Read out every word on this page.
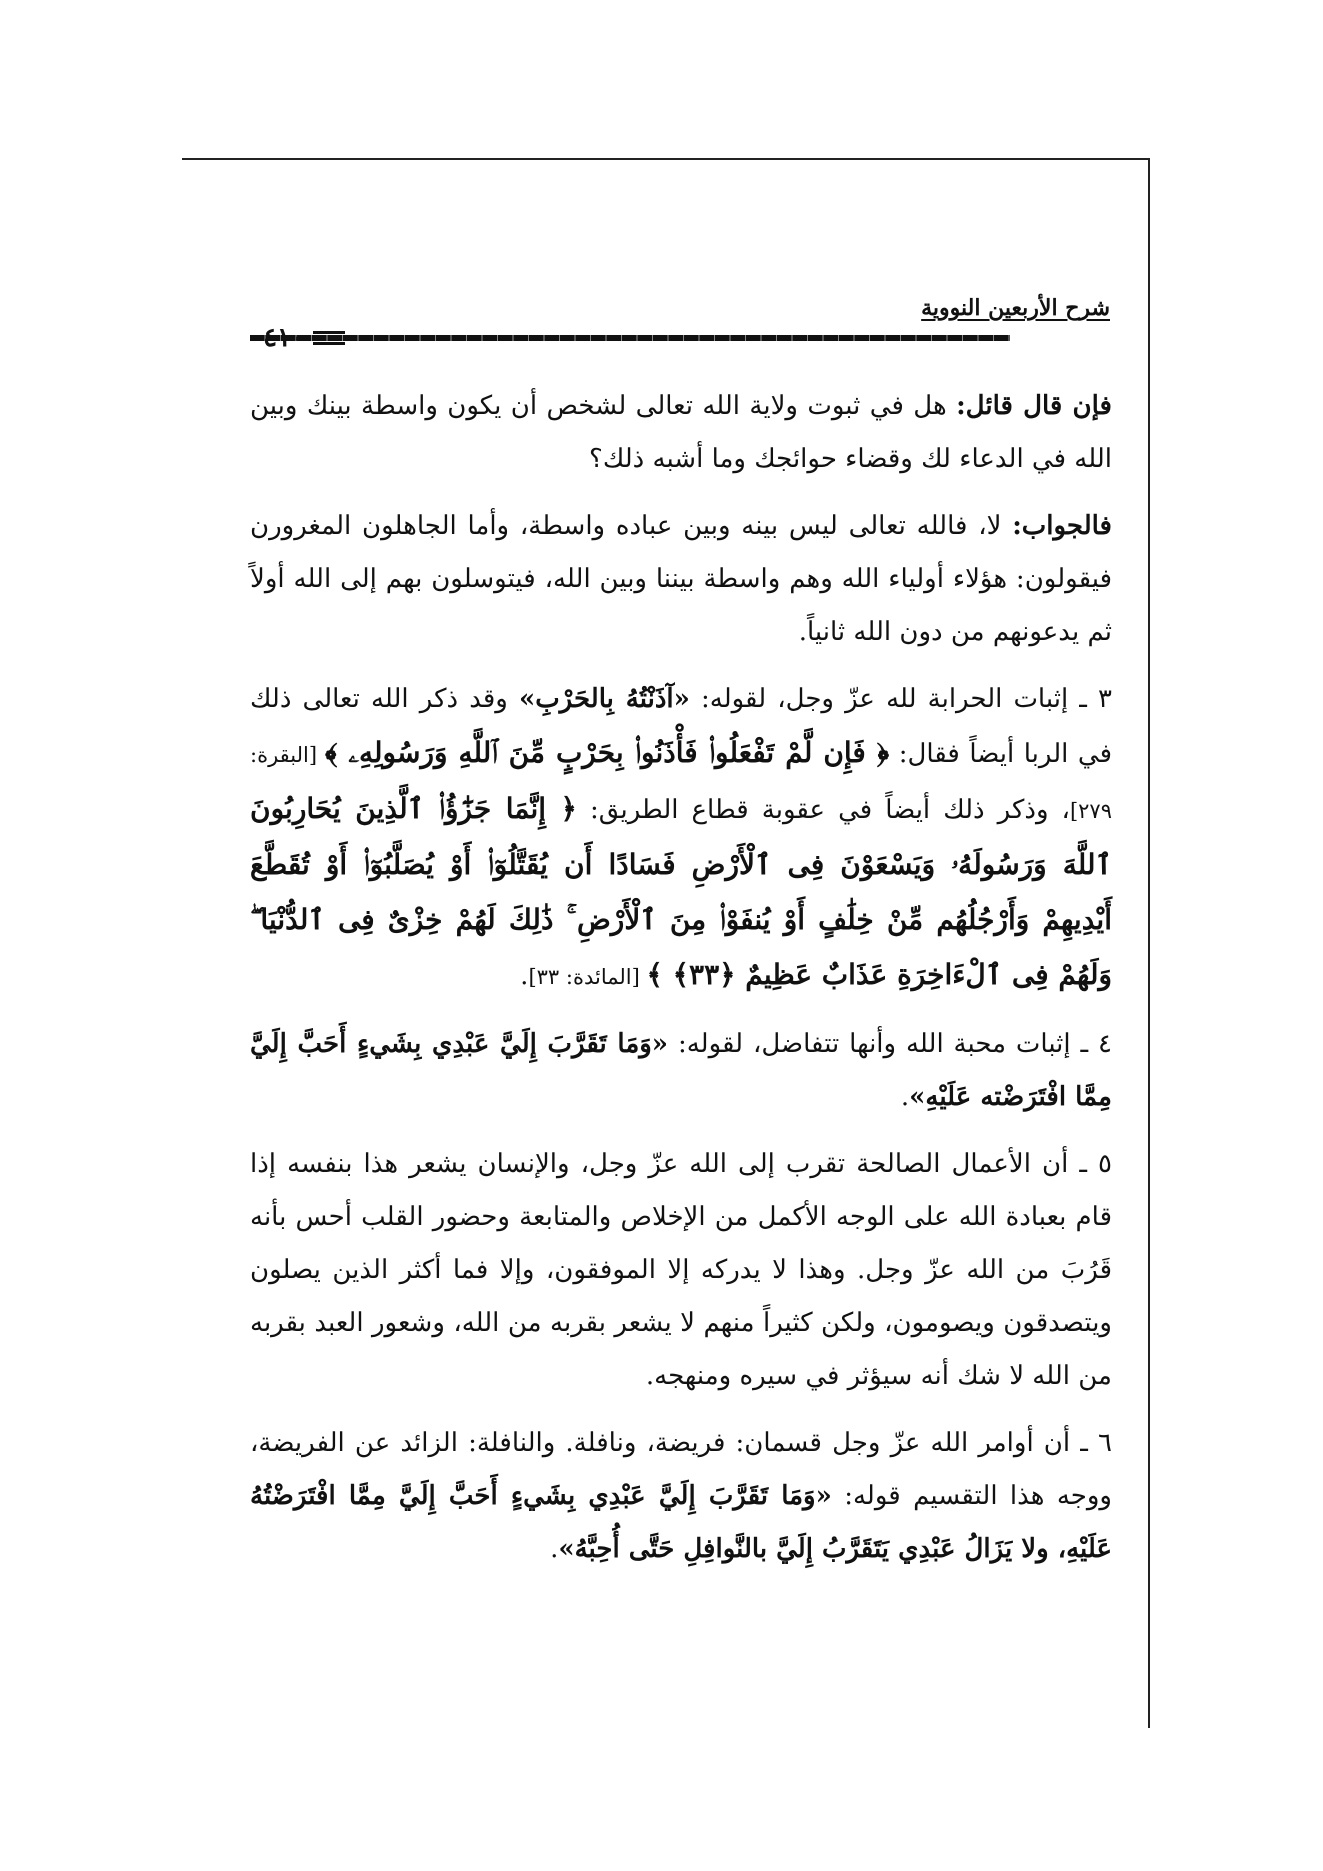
شرح الأربعين النووية
٤١٠

فإن قال قائل: هل في ثبوت ولاية الله تعالى لشخص أن يكون واسطة بينك وبين الله في الدعاء لك وقضاء حوائجك وما أشبه ذلك؟

فالجواب: لا، فالله تعالى ليس بينه وبين عباده واسطة، وأما الجاهلون المغرورن فيقولون: هؤلاء أولياء الله وهم واسطة بيننا وبين الله، فيتوسلون بهم إلى الله أولاً ثم يدعونهم من دون الله ثانياً.

٣ ـ إثبات الحرابة لله عزّ وجل، لقوله: «آذَنْتُهُ بِالحَرْبِ» وقد ذكر الله تعالى ذلك في الربا أيضاً فقال: ﴿ فَإِن لَّمْ تَفْعَلُوا۟ فَأْذَنُوا۟ بِحَرْبٍ مِّنَ ٱللَّهِ وَرَسُولِهِۦ ﴾ [البقرة: ٢٧٩]، وذكر ذلك أيضاً في عقوبة قطاع الطريق: ﴿ إِنَّمَا جَزَٰٓؤُا۟ ٱلَّذِينَ يُحَارِبُونَ ٱللَّهَ وَرَسُولَهُۥ وَيَسْعَوْنَ فِى ٱلْأَرْضِ فَسَادًا أَن يُقَتَّلُوٓا۟ أَوْ يُصَلَّبُوٓا۟ أَوْ تُقَطَّعَ أَيْدِيهِمْ وَأَرْجُلُهُم مِّنْ خِلَٰفٍ أَوْ يُنفَوْا۟ مِنَ ٱلْأَرْضِ ۚ ذَٰلِكَ لَهُمْ خِزْىٌ فِى ٱلدُّنْيَا ۖ وَلَهُمْ فِى ٱلْءَاخِرَةِ عَذَابٌ عَظِيمٌ ﴿٣٣﴾ ﴾ [المائدة: ٣٣].

٤ ـ إثبات محبة الله وأنها تتفاضل، لقوله: «وَمَا تَقَرَّبَ إِلَيَّ عَبْدِي بِشَيءٍ أَحَبَّ إِلَيَّ مِمَّا افْتَرَضْته عَلَيْهِ».

٥ ـ أن الأعمال الصالحة تقرب إلى الله عزّ وجل، والإنسان يشعر هذا بنفسه إذا قام بعبادة الله على الوجه الأكمل من الإخلاص والمتابعة وحضور القلب أحس بأنه قَرُبَ من الله عزّ وجل. وهذا لا يدركه إلا الموفقون، وإلا فما أكثر الذين يصلون ويتصدقون ويصومون، ولكن كثيراً منهم لا يشعر بقربه من الله، وشعور العبد بقربه من الله لا شك أنه سيؤثر في سيره ومنهجه.

٦ ـ أن أوامر الله عزّ وجل قسمان: فريضة، ونافلة. والنافلة: الزائد عن الفريضة، ووجه هذا التقسيم قوله: «وَمَا تَقَرَّبَ إِلَيَّ عَبْدِي بِشَيءٍ أَحَبَّ إِلَيَّ مِمَّا افْتَرَضْتُهُ عَلَيْهِ، ولا يَزَالُ عَبْدِي يَتَقَرَّبُ إِلَيَّ بالنَّوافِلِ حَتَّى أُحِبَّهُ».
